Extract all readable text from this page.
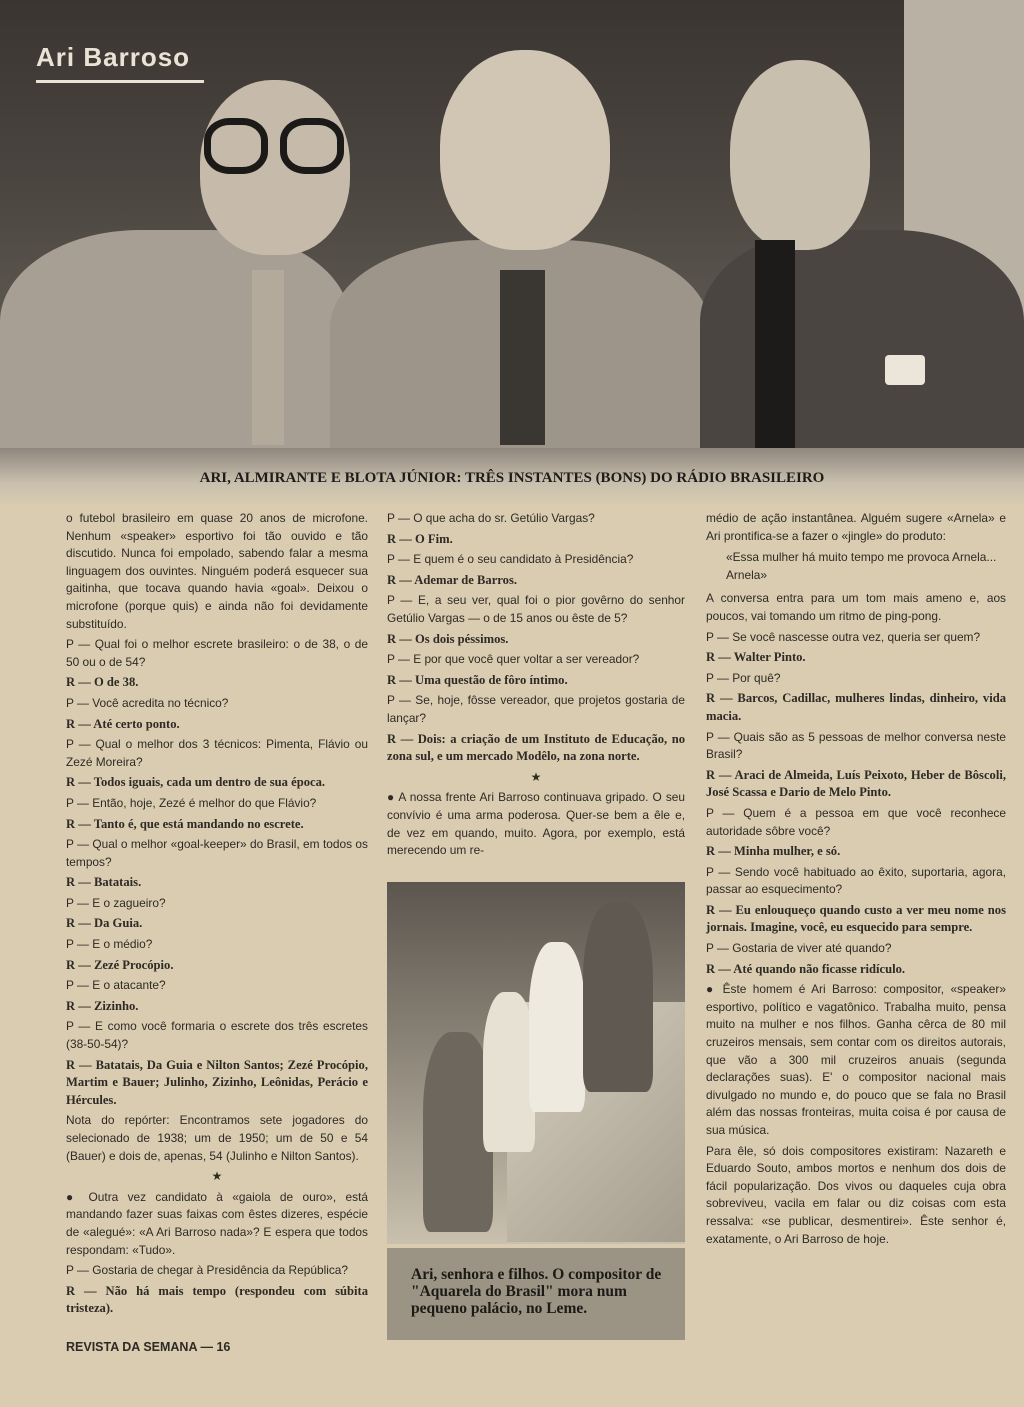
Ari Barroso

ARI, ALMIRANTE E BLOTA JÚNIOR: TRÊS INSTANTES (BONS) DO RÁDIO BRASILEIRO

o futebol brasileiro em quase 20 anos de microfone. Nenhum «speaker» esportivo foi tão ouvido e tão discutido. Nunca foi empolado, sabendo falar a mesma linguagem dos ouvintes. Ninguém poderá esquecer sua gaitinha, que tocava quando havia «goal». Deixou o microfone (porque quis) e ainda não foi devidamente substituído.

P — Qual foi o melhor escrete brasileiro: o de 38, o de 50 ou o de 54?

R — O de 38.

P — Você acredita no técnico?

R — Até certo ponto.

P — Qual o melhor dos 3 técnicos: Pimenta, Flávio ou Zezé Moreira?

R — Todos iguais, cada um dentro de sua época.

P — Então, hoje, Zezé é melhor do que Flávio?

R — Tanto é, que está mandando no escrete.

P — Qual o melhor «goal-keeper» do Brasil, em todos os tempos?

R — Batatais.

P — E o zagueiro?

R — Da Guia.

P — E o médio?

R — Zezé Procópio.

P — E o atacante?

R — Zizinho.

P — E como você formaria o escrete dos três escretes (38-50-54)?

R — Batatais, Da Guia e Nilton Santos; Zezé Procópio, Martim e Bauer; Julinho, Zizinho, Leônidas, Perácio e Hércules.

Nota do repórter: Encontramos sete jogadores do selecionado de 1938; um de 1950; um de 50 e 54 (Bauer) e dois de, apenas, 54 (Julinho e Nilton Santos).

★

● Outra vez candidato à «gaiola de ouro», está mandando fazer suas faixas com êstes dizeres, espécie de «alegué»: «A Ari Barroso nada»? E espera que todos respondam: «Tudo».

P — Gostaria de chegar à Presidência da República?

R — Não há mais tempo (respondeu com súbita tristeza).

P — O que acha do sr. Getúlio Vargas?

R — O Fim.

P — E quem é o seu candidato à Presidência?

R — Ademar de Barros.

P — E, a seu ver, qual foi o pior govêrno do senhor Getúlio Vargas — o de 15 anos ou êste de 5?

R — Os dois péssimos.

P — E por que você quer voltar a ser vereador?

R — Uma questão de fôro íntimo.

P — Se, hoje, fôsse vereador, que projetos gostaria de lançar?

R — Dois: a criação de um Instituto de Educação, no zona sul, e um mercado Modêlo, na zona norte.

★

● A nossa frente Ari Barroso continuava gripado. O seu convívio é uma arma poderosa. Quer-se bem a êle e, de vez em quando, muito. Agora, por exemplo, está merecendo um re-

médio de ação instantânea. Alguém sugere «Arnela» e Ari prontifica-se a fazer o «jingle» do produto:

«Essa mulher há muito tempo me provoca Arnela... Arnela»

A conversa entra para um tom mais ameno e, aos poucos, vai tomando um ritmo de ping-pong.

P — Se você nascesse outra vez, queria ser quem?

R — Walter Pinto.

P — Por quê?

R — Barcos, Cadillac, mulheres lindas, dinheiro, vida macia.

P — Quais são as 5 pessoas de melhor conversa neste Brasil?

R — Araci de Almeida, Luís Peixoto, Heber de Bôscoli, José Scassa e Dario de Melo Pinto.

P — Quem é a pessoa em que você reconhece autoridade sôbre você?

R — Minha mulher, e só.

P — Sendo você habituado ao êxito, suportaria, agora, passar ao esquecimento?

R — Eu enlouqueço quando custo a ver meu nome nos jornais. Imagine, você, eu esquecido para sempre.

P — Gostaria de viver até quando?

R — Até quando não ficasse ridículo.

● Êste homem é Ari Barroso: compositor, «speaker» esportivo, político e vagatônico. Trabalha muito, pensa muito na mulher e nos filhos. Ganha cêrca de 80 mil cruzeiros mensais, sem contar com os direitos autorais, que vão a 300 mil cruzeiros anuais (segunda declarações suas). E' o compositor nacional mais divulgado no mundo e, do pouco que se fala no Brasil além das nossas fronteiras, muita coisa é por causa de sua música.

Para êle, só dois compositores existiram: Nazareth e Eduardo Souto, ambos mortos e nenhum dos dois de fácil popularização. Dos vivos ou daqueles cuja obra sobreviveu, vacila em falar ou diz coisas com esta ressalva: «se publicar, desmentirei». Êste senhor é, exatamente, o Ari Barroso de hoje.

Ari, senhora e filhos. O compositor de "Aquarela do Brasil" mora num pequeno palácio, no Leme.

REVISTA DA SEMANA — 16
